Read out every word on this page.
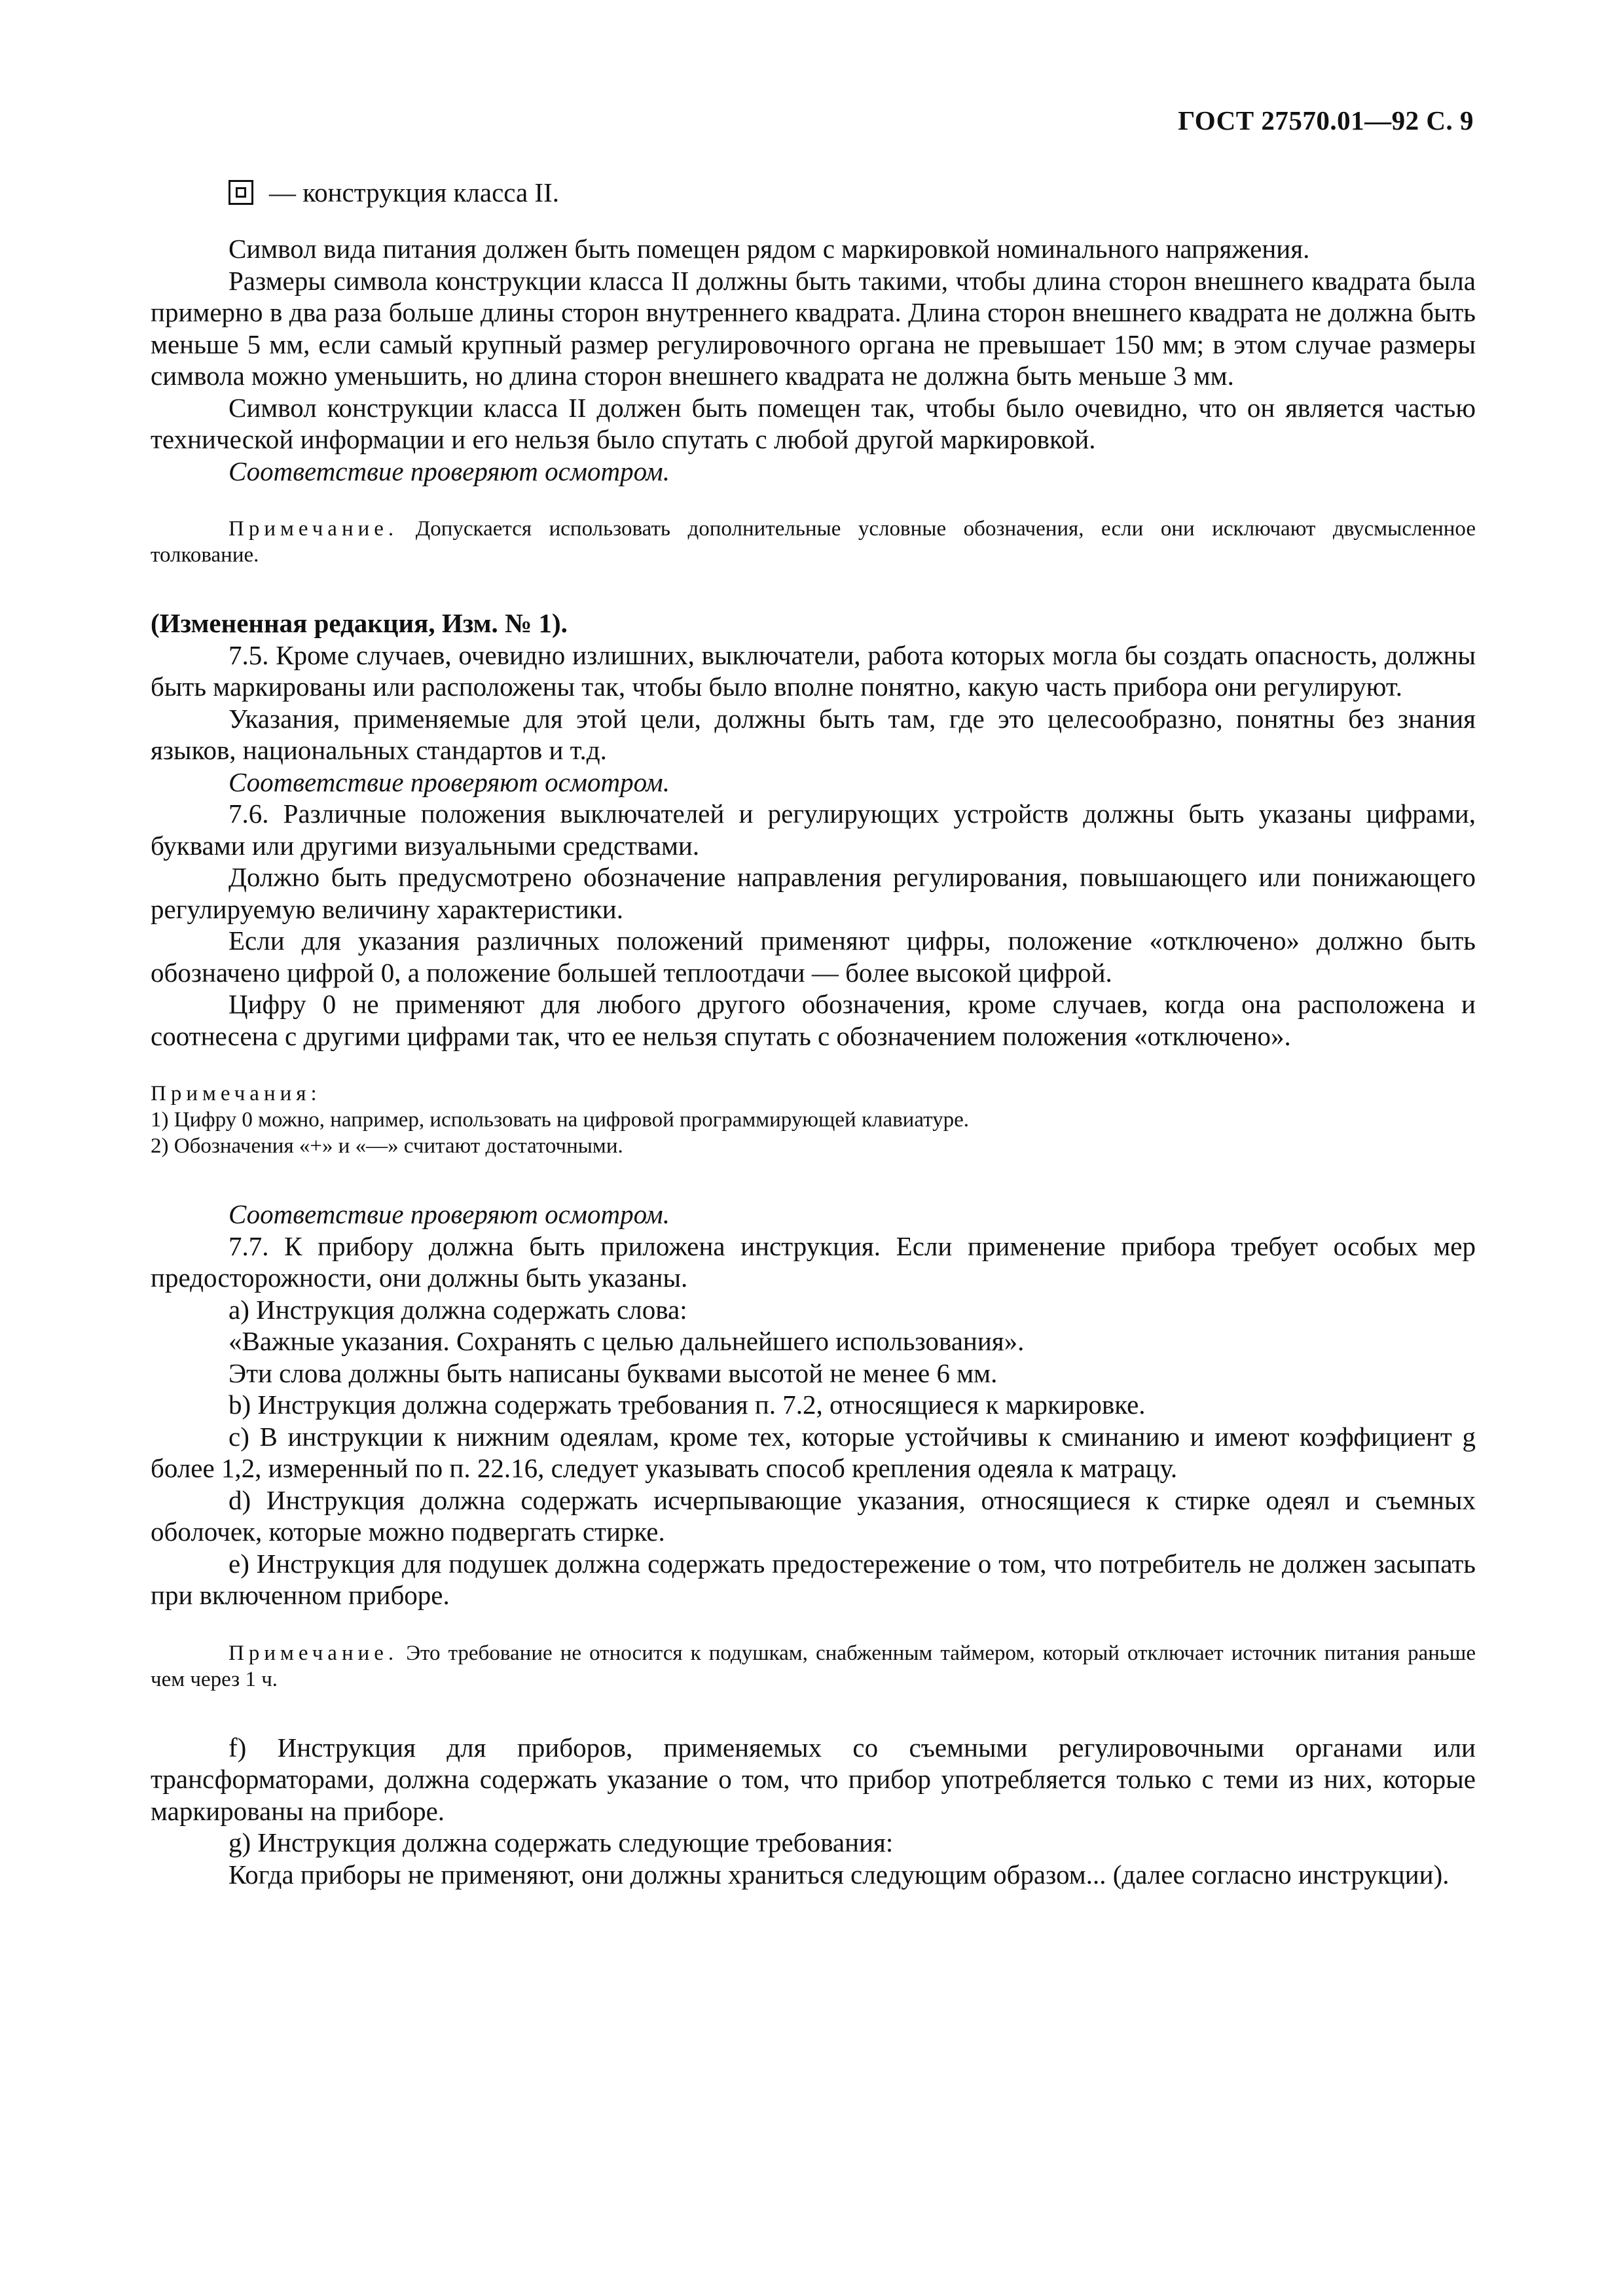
ГОСТ 27570.01—92 С. 9
— конструкция класса II.

Символ вида питания должен быть помещен рядом с маркировкой номинального напряжения.

Размеры символа конструкции класса II должны быть такими, чтобы длина сторон внешнего квадрата была примерно в два раза больше длины сторон внутреннего квадрата. Длина сторон внешнего квадрата не должна быть меньше 5 мм, если самый крупный размер регулировочного органа не превышает 150 мм; в этом случае размеры символа можно уменьшить, но длина сторон внешнего квадрата не должна быть меньше 3 мм.

Символ конструкции класса II должен быть помещен так, чтобы было очевидно, что он является частью технической информации и его нельзя было спутать с любой другой маркировкой.

Соответствие проверяют осмотром.

Примечание. Допускается использовать дополнительные условные обозначения, если они исключают двусмысленное толкование.

(Измененная редакция, Изм. № 1).

7.5. Кроме случаев, очевидно излишних, выключатели, работа которых могла бы создать опасность, должны быть маркированы или расположены так, чтобы было вполне понятно, какую часть прибора они регулируют.

Указания, применяемые для этой цели, должны быть там, где это целесообразно, понятны без знания языков, национальных стандартов и т.д.

Соответствие проверяют осмотром.

7.6. Различные положения выключателей и регулирующих устройств должны быть указаны цифрами, буквами или другими визуальными средствами.

Должно быть предусмотрено обозначение направления регулирования, повышающего или понижающего регулируемую величину характеристики.

Если для указания различных положений применяют цифры, положение «отключено» должно быть обозначено цифрой 0, а положение большей теплоотдачи — более высокой цифрой.

Цифру 0 не применяют для любого другого обозначения, кроме случаев, когда она расположена и соотнесена с другими цифрами так, что ее нельзя спутать с обозначением положения «отключено».

Примечания:

1) Цифру 0 можно, например, использовать на цифровой программирующей клавиатуре.

2) Обозначения «+» и «—» считают достаточными.

Соответствие проверяют осмотром.

7.7. К прибору должна быть приложена инструкция. Если применение прибора требует особых мер предосторожности, они должны быть указаны.

а) Инструкция должна содержать слова:

«Важные указания. Сохранять с целью дальнейшего использования».

Эти слова должны быть написаны буквами высотой не менее 6 мм.

b) Инструкция должна содержать требования п. 7.2, относящиеся к маркировке.

c) В инструкции к нижним одеялам, кроме тех, которые устойчивы к сминанию и имеют коэффициент g более 1,2, измеренный по п. 22.16, следует указывать способ крепления одеяла к матрацу.

d) Инструкция должна содержать исчерпывающие указания, относящиеся к стирке одеял и съемных оболочек, которые можно подвергать стирке.

e) Инструкция для подушек должна содержать предостережение о том, что потребитель не должен засыпать при включенном приборе.

Примечание. Это требование не относится к подушкам, снабженным таймером, который отключает источник питания раньше чем через 1 ч.

f) Инструкция для приборов, применяемых со съемными регулировочными органами или трансформаторами, должна содержать указание о том, что прибор употребляется только с теми из них, которые маркированы на приборе.

g) Инструкция должна содержать следующие требования:

Когда приборы не применяют, они должны храниться следующим образом... (далее согласно инструкции).
